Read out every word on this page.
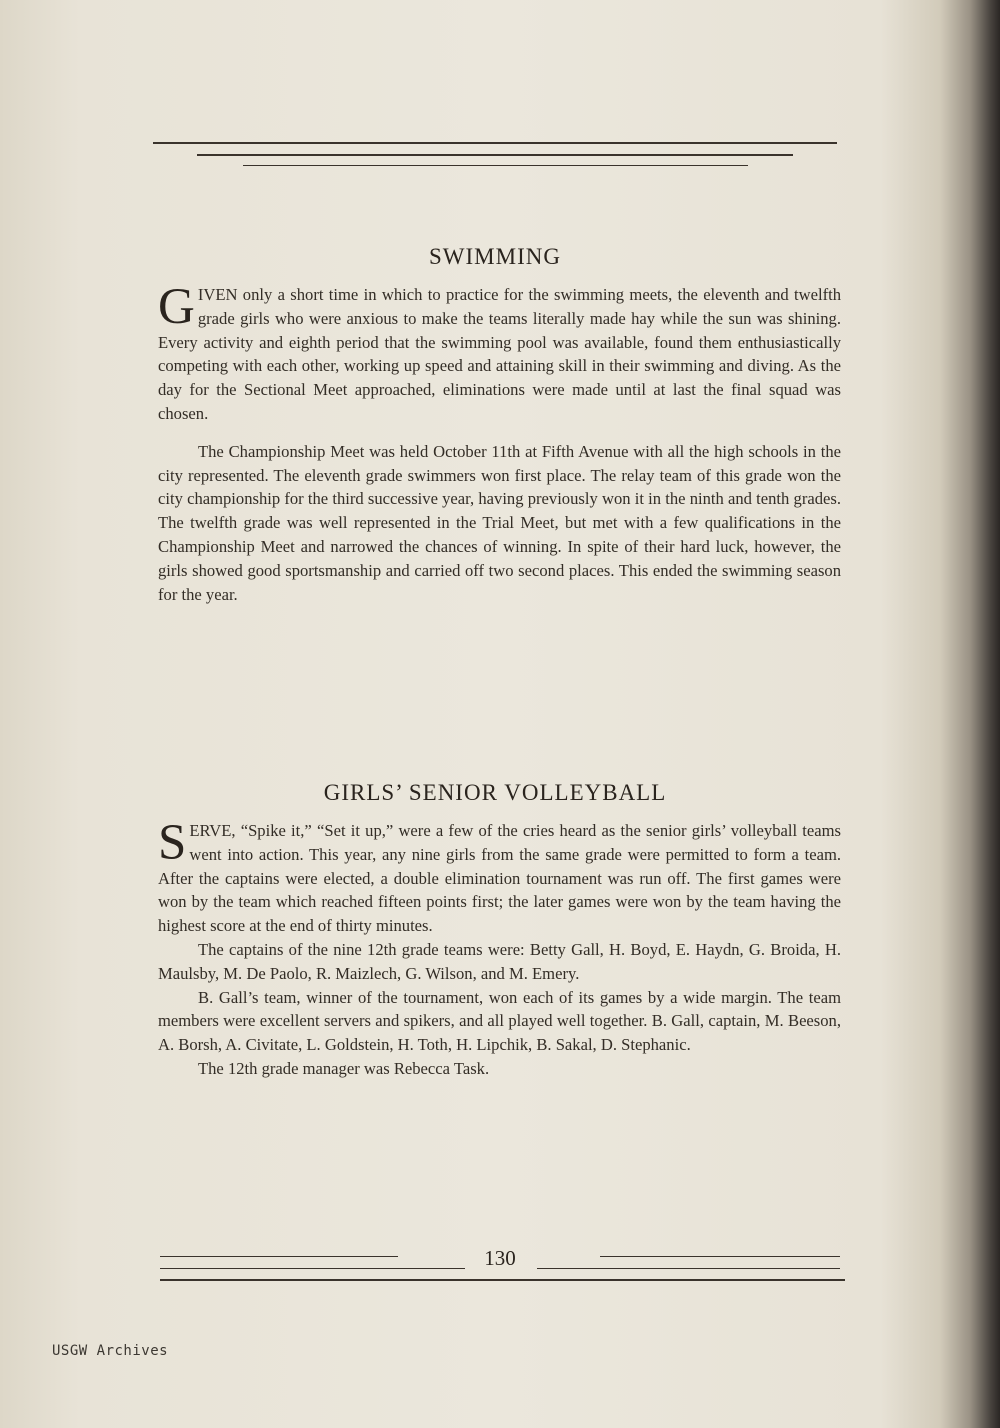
SWIMMING

GIVEN only a short time in which to practice for the swimming meets, the eleventh and twelfth grade girls who were anxious to make the teams literally made hay while the sun was shining. Every activity and eighth period that the swimming pool was available, found them enthusiastically competing with each other, working up speed and attaining skill in their swimming and diving. As the day for the Sectional Meet approached, eliminations were made until at last the final squad was chosen.

The Championship Meet was held October 11th at Fifth Avenue with all the high schools in the city represented. The eleventh grade swimmers won first place. The relay team of this grade won the city championship for the third successive year, having previously won it in the ninth and tenth grades. The twelfth grade was well represented in the Trial Meet, but met with a few qualifications in the Championship Meet and narrowed the chances of winning. In spite of their hard luck, however, the girls showed good sportsmanship and carried off two second places. This ended the swimming season for the year.

GIRLS’ SENIOR VOLLEYBALL

SERVE, “Spike it,” “Set it up,” were a few of the cries heard as the senior girls’ volleyball teams went into action. This year, any nine girls from the same grade were permitted to form a team. After the captains were elected, a double elimination tournament was run off. The first games were won by the team which reached fifteen points first; the later games were won by the team having the highest score at the end of thirty minutes.

The captains of the nine 12th grade teams were: Betty Gall, H. Boyd, E. Haydn, G. Broida, H. Maulsby, M. De Paolo, R. Maizlech, G. Wilson, and M. Emery.

B. Gall’s team, winner of the tournament, won each of its games by a wide margin. The team members were excellent servers and spikers, and all played well together. B. Gall, captain, M. Beeson, A. Borsh, A. Civitate, L. Goldstein, H. Toth, H. Lipchik, B. Sakal, D. Stephanic.

The 12th grade manager was Rebecca Task.

130
USGW Archives
